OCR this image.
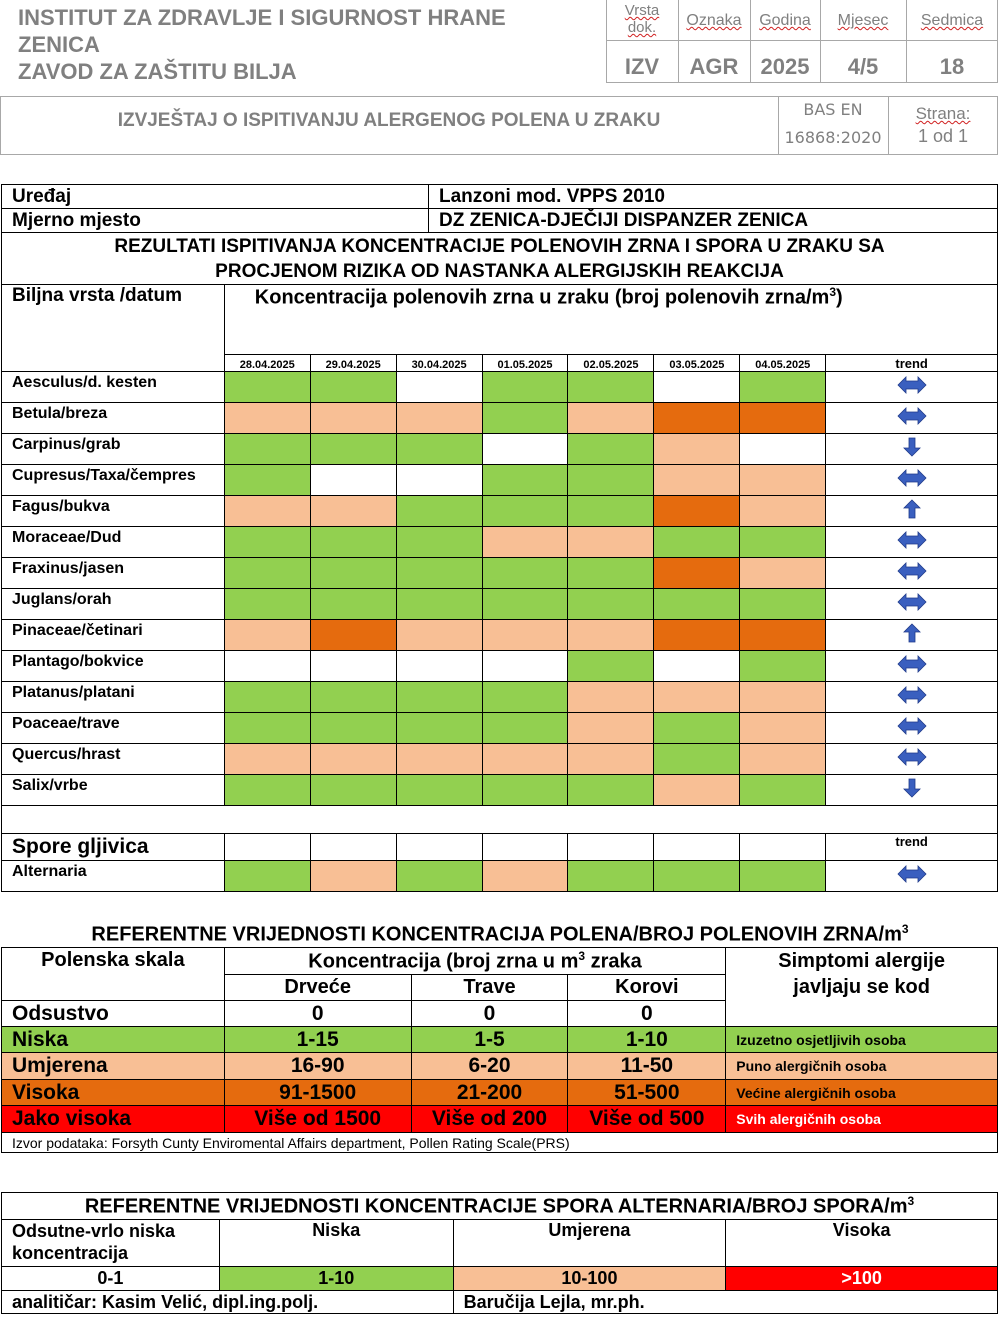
INSTITUT ZA ZDRAVLJE I SIGURNOST HRANE
ZENICA
ZAVOD ZA ZAŠTITU BILJA
Vrsta dok.	Oznaka	Godina	Mjesec	Sedmica
IZV	AGR	2025	4/5	18
IZVJEŠTAJ O ISPITIVANJU ALERGENOG POLENA U ZRAKU
BAS EN
16868:2020
Strana:
1 od 1
Uređaj	Lanzoni mod. VPPS 2010
Mjerno mjesto	DZ ZENICA-DJEČIJI DISPANZER ZENICA
REZULTATI ISPITIVANJA KONCENTRACIJE POLENOVIH ZRNA I SPORA U ZRAKU SA
PROCJENOM RIZIKA OD NASTANKA ALERGIJSKIH REAKCIJA								

Biljna vrsta /datum	Koncentracija polenovih zrna u zraku (broj polenovih zrna/$m^3$)							
	28.04.2025	29.04.2025	30.04.2025	01.05.2025	02.05.2025	03.05.2025	04.05.2025	trend
Aesculus/d. kesten								
Betula/breza								
Carpinus/grab								
Cupresus/Taxa/čempres								
Fagus/bukva								
Moraceae/Dud								
Fraxinus/jasen								
Juglans/orah								
Pinaceae/četinari								
Plantago/bokvice								
Platanus/platani								
Poaceae/trave								
Quercus/hrast								
Salix/vrbe								

Spore gljivica								trend
Alternaria								
REFERENTNE VRIJEDNOSTI KONCENTRACIJA POLENA/BROJ POLENOVIH ZRNA/$m^3$
Polenska skala	Koncentracija (broj zrna u $m^3$ zraka			Simptomi alergije
javljaju se kod

	Drveće	Trave	Korovi	
Odsustvo	0	0	0	
Niska	1-15	1-5	1-10	Izuzetno osjetljivih osoba
Umjerena	16-90	6-20	11-50	Puno alergičnih osoba
Visoka	91-1500	21-200	51-500	Većine alergičnih osoba
Jako visoka	Više od 1500	Više od 200	Više od 500	Svih alergičnih osoba
Izvor podataka: Forsyth Cunty Enviromental Affairs department, Pollen Rating Scale(PRS)				
REFERENTNE VRIJEDNOSTI KONCENTRACIJE SPORA ALTERNARIA/BROJ SPORA/$m^3$
Odsutne-vrlo niska koncentracija	Niska	Umjerena	Visoka
0-1	1-10	10-100	>100
analitičar: Kasim Velić, dipl.ing.polj.		Baručija Lejla, mr.ph.	
